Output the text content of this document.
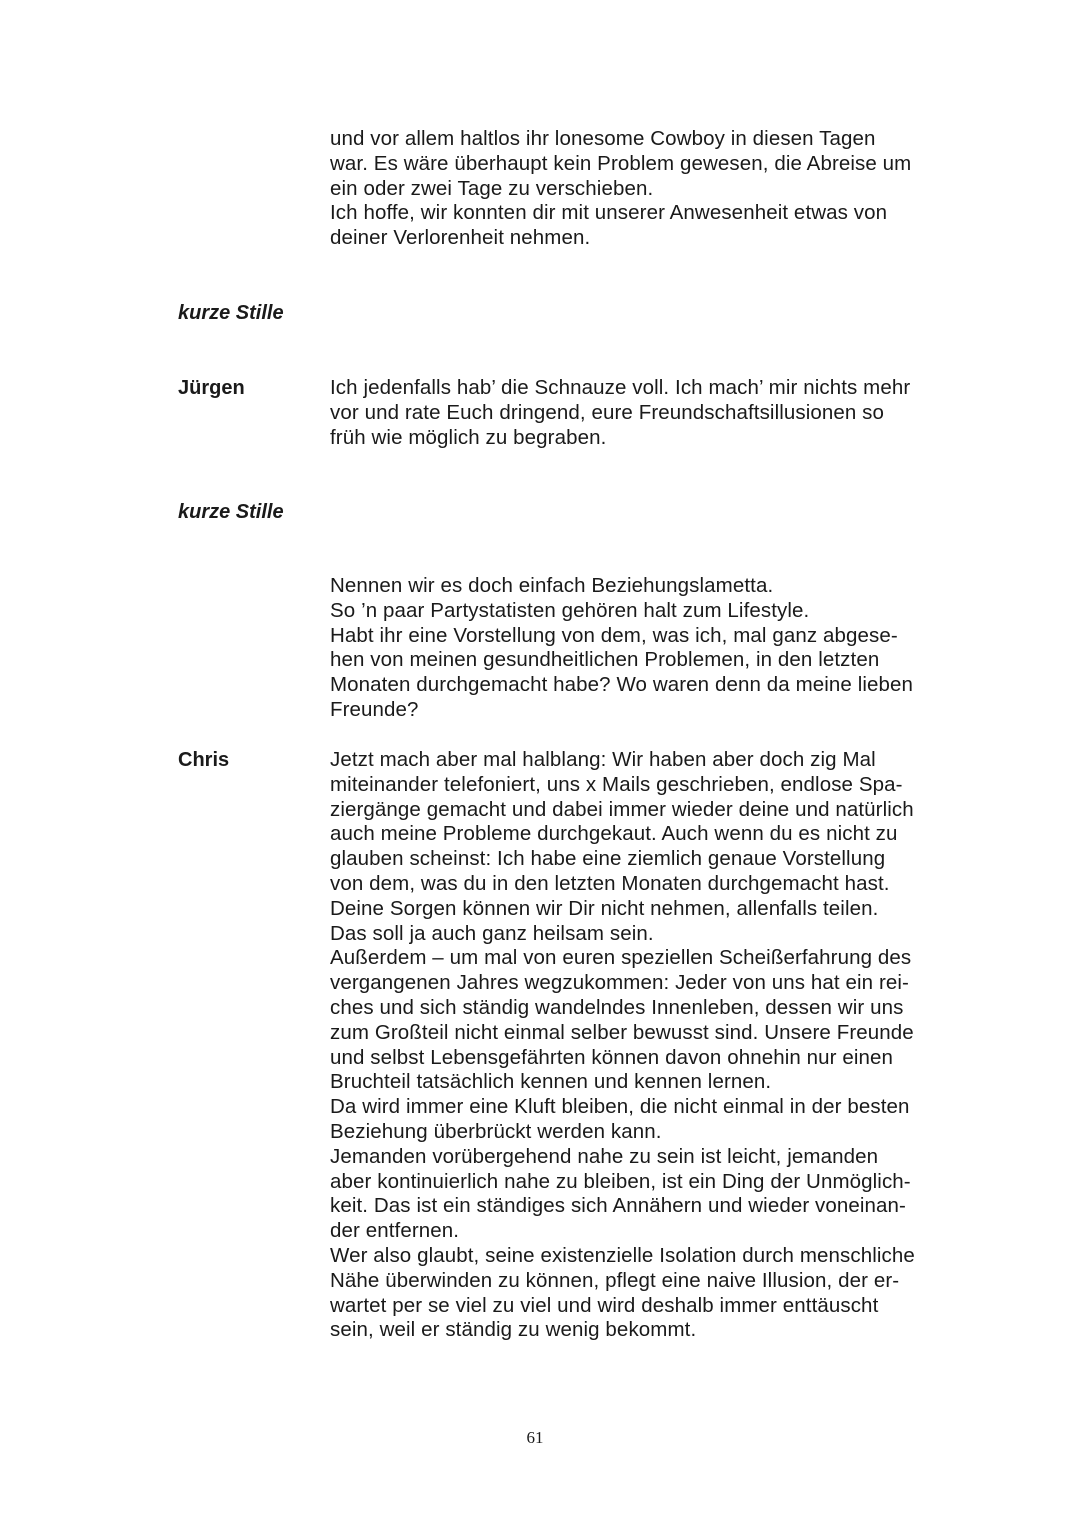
und vor allem haltlos ihr lonesome Cowboy in diesen Tagen
war. Es wäre überhaupt kein Problem gewesen, die Abreise um
ein oder zwei Tage zu verschieben.
Ich hoffe, wir konnten dir mit unserer Anwesenheit etwas von
deiner Verlorenheit nehmen.
kurze Stille
Jürgen	Ich jedenfalls hab’ die Schnauze voll. Ich mach’ mir nichts mehr
vor und rate Euch dringend, eure Freundschaftsillusionen so
früh wie möglich zu begraben.
kurze Stille
Nennen wir es doch einfach Beziehungslametta.
So ’n paar Partystatisten gehören halt zum Lifestyle.
Habt ihr eine Vorstellung von dem, was ich, mal ganz abgese-
hen von meinen gesundheitlichen Problemen, in den letzten
Monaten durchgemacht habe? Wo waren denn da meine lieben
Freunde?
Chris	Jetzt mach aber mal halblang: Wir haben aber doch zig Mal
miteinander telefoniert, uns x Mails geschrieben, endlose Spa-
ziergänge gemacht und dabei immer wieder deine und natürlich
auch meine Probleme durchgekaut. Auch wenn du es nicht zu
glauben scheinst: Ich habe eine ziemlich genaue Vorstellung
von dem, was du in den letzten Monaten durchgemacht hast.
Deine Sorgen können wir Dir nicht nehmen, allenfalls teilen.
Das soll ja auch ganz heilsam sein.
Außerdem – um mal von euren speziellen Scheißerfahrung des
vergangenen Jahres wegzukommen: Jeder von uns hat ein rei-
ches und sich ständig wandelndes Innenleben, dessen wir uns
zum Großteil nicht einmal selber bewusst sind. Unsere Freunde
und selbst Lebensgefährten können davon ohnehin nur einen
Bruchteil tatsächlich kennen und kennen lernen.
Da wird immer eine Kluft bleiben, die nicht einmal in der besten
Beziehung überbrückt werden kann.
Jemanden vorübergehend nahe zu sein ist leicht, jemanden
aber kontinuierlich nahe zu bleiben, ist ein Ding der Unmöglich-
keit. Das ist ein ständiges sich Annähern und wieder voneinan-
der entfernen.
Wer also glaubt, seine existenzielle Isolation durch menschliche
Nähe überwinden zu können, pflegt eine naive Illusion, der er-
wartet per se viel zu viel und wird deshalb immer enttäuscht
sein, weil er ständig zu wenig bekommt.
61
